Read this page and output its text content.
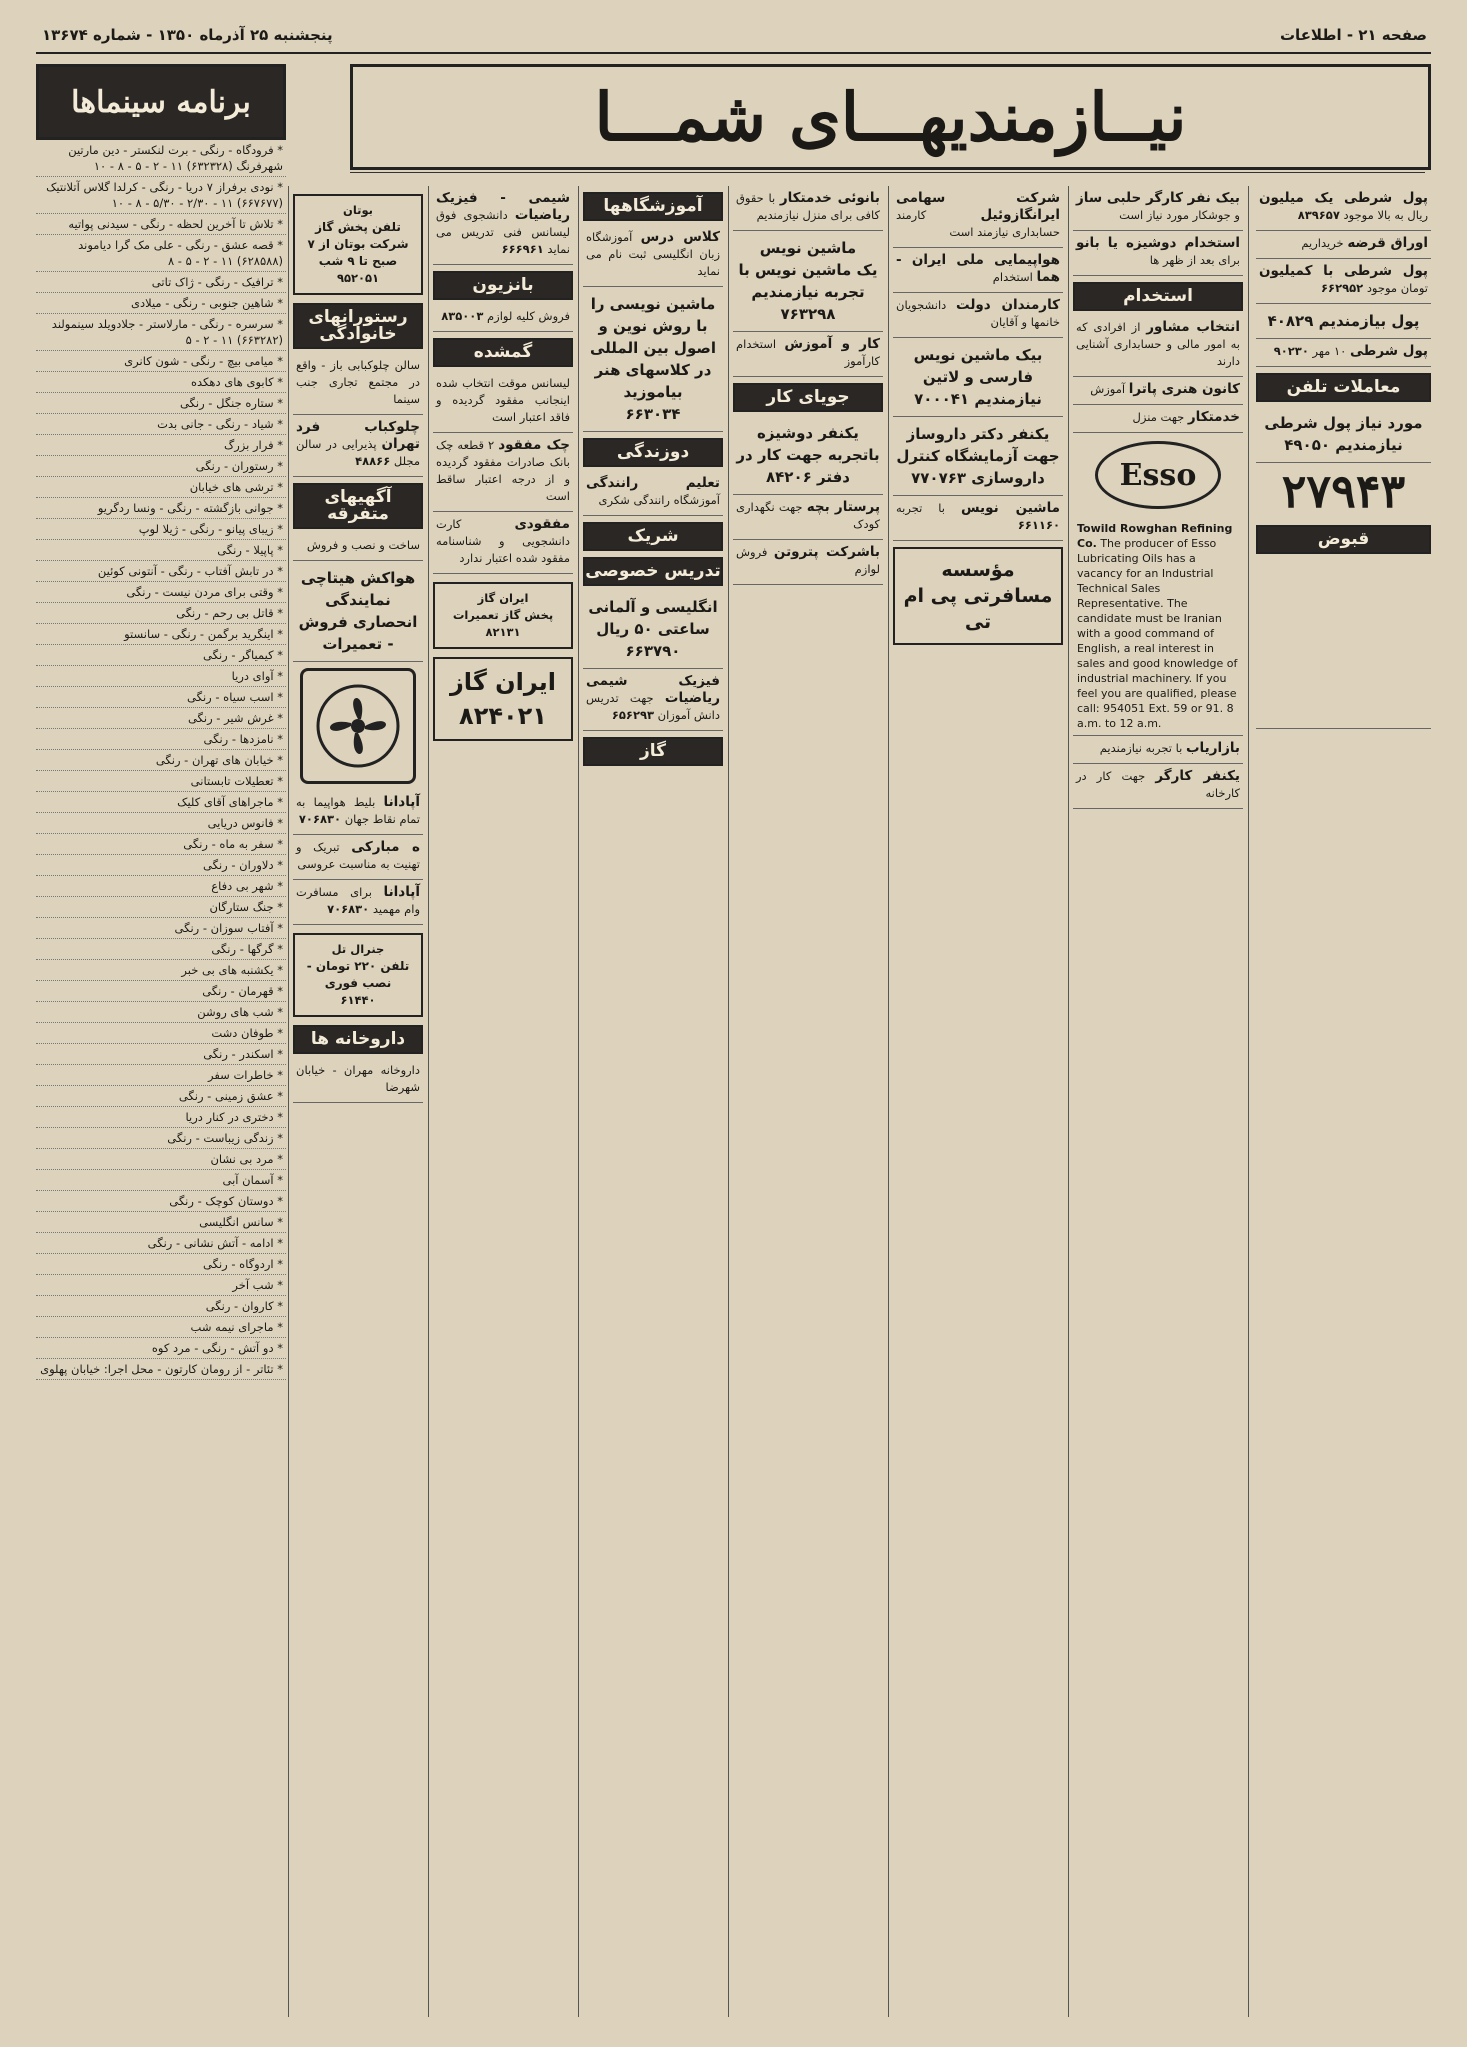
پنجشنبه ۲۵ آذرماه ۱۳۵۰ - شماره ۱۳۶۷۴	صفحه ۲۱ - اطلاعات
نیــازمندیهـــای شمـــا
پول شرطی یک میلیون ریال به بالا موجود ۸۳۹۶۵۷
اوراق قرضه خریداریم
پول شرطی با کمیلیون تومان موجود ۶۶۲۹۵۲
پول بیازمندیم ۴۰۸۲۹
پول شرطی ۱۰ مهر ۹۰۲۳۰
معاملات تلفن
مورد نیاز پول شرطی نیازمندیم ۴۹۰۵۰
۲۷۹۴۳
قبوض
بیک نفر کارگر حلبی ساز و جوشکار مورد نیاز است
استخدام دوشیزه یا بانو برای بعد از ظهر ها
استخدام
انتخاب مشاور از افرادی که به امور مالی و حسابداری آشنایی دارند
کانون هنری پاترا آموزش
خدمتکار جهت منزل
Esso
Towild Rowghan Refining Co. The producer of Esso Lubricating Oils has a vacancy for an Industrial Technical Sales Representative. The candidate must be Iranian with a good command of English, a real interest in sales and good knowledge of industrial machinery. If you feel you are qualified, please call: 954051 Ext. 59 or 91. 8 a.m. to 12 a.m.
بازاریاب با تجربه نیازمندیم
یکنفر کارگر جهت کار در کارخانه
شرکت سهامی ایرانگازوئیل کارمند حسابداری نیازمند است
هواپیمایی ملی ایران - هما استخدام
کارمندان دولت دانشجویان خانمها و آقایان
بیک ماشین نویس
فارسی و لاتین نیازمندیم ۷۰۰۰۴۱
یکنفر دکتر داروساز
جهت آزمایشگاه کنترل داروسازی ۷۷۰۷۶۳
ماشین نویس با تجربه ۶۶۱۱۶۰
مؤسسه مسافرتی پی ام تی
بانوئی خدمتکار با حقوق کافی برای منزل نیازمندیم
ماشین نویس
یک ماشین نویس با تجربه نیازمندیم
۷۶۳۲۹۸
کار و آموزش استخدام کارآموز
جویای کار
یکنفر دوشیزه
باتجربه جهت کار در دفتر ۸۴۲۰۶
پرستار بچه جهت نگهداری کودک
باشرکت پتروتن فروش لوازم
آموزشگاهها
کلاس درس آموزشگاه زبان انگلیسی ثبت نام می نماید
ماشین نویسی را
با روش نوین و اصول بین المللی در کلاسهای هنر بیاموزید
۶۶۳۰۳۴
دوزندگی
تعلیم رانندگی آموزشگاه رانندگی شکری
شریک
تدریس خصوصی
انگلیسی و آلمانی
ساعتی ۵۰ ریال
۶۶۳۷۹۰
فیزیک شیمی ریاضیات جهت تدریس دانش آموزان ۶۵۶۲۹۳
گاز
شیمی - فیزیک ریاضیات دانشجوی فوق لیسانس فنی تدریس می نماید ۶۶۶۹۶۱
بانزیون
فروش کلیه لوازم ۸۳۵۰۰۳
گمشده
لیسانس موقت انتخاب شده اینجانب مفقود گردیده و فاقد اعتبار است
چک مفقود ۲ قطعه چک بانک صادرات مفقود گردیده و از درجه اعتبار ساقط است
مفقودی کارت دانشجویی و شناسنامه مفقود شده اعتبار ندارد
ایران گاز
پخش گاز تعمیرات
۸۲۱۳۱
ایران گاز
۸۲۴۰۲۱
بوتان
تلفن پخش گاز شرکت بوتان از ۷ صبح تا ۹ شب
۹۵۲۰۵۱
رستورانهای خانوادگی
سالن چلوکبابی باز - واقع در مجتمع تجاری جنب سینما
چلوکباب فرد تهران پذیرایی در سالن مجلل ۴۸۸۶۶
آگهیهای متفرقه
ساخت و نصب و فروش
هواکش هیتاچی
نمایندگی انحصاری فروش - تعمیرات
آپادانا بلیط هواپیما به تمام نقاط جهان ۷۰۶۸۳۰
ه مبارکی تبریک و تهنیت به مناسبت عروسی
آپادانا برای مسافرت وام مهمید ۷۰۶۸۳۰
جنرال تل
تلفن ۲۲۰ تومان - نصب فوری
۶۱۴۴۰
داروخانه ها
داروخانه مهران - خیابان شهرضا
برنامه سینماها
* فرودگاه - رنگی - برت لنکستر - دین مارتین شهرفرنگ (۶۳۲۳۲۸) ۱۱ - ۲ - ۵ - ۸ - ۱۰
* نودی برفراز ۷ دریا - رنگی - کرلدا گلاس آتلانتیک (۶۶۷۶۷۷) ۱۱ - ۲/۳۰ - ۵/۳۰ - ۸ - ۱۰
* تلاش تا آخرین لحظه - رنگی - سیدنی پواتیه
* قصه عشق - رنگی - علی مک گرا دیاموند (۶۲۸۵۸۸) ۱۱ - ۲ - ۵ - ۸
* ترافیک - رنگی - ژاک تاتی
* شاهین جنوبی - رنگی - میلادی
* سرسره - رنگی - مارلاستر - جلادویلد سینمولند (۶۶۳۲۸۲) ۱۱ - ۲ - ۵
* میامی بیچ - رنگی - شون کانری
* کابوی های دهکده
* ستاره جنگل - رنگی
* شیاد - رنگی - جانی بدت
* فرار بزرگ
* رستوران - رنگی
* ترشی های خیابان
* جوانی بازگشته - رنگی - ونسا ردگریو
* زیبای پیانو - رنگی - ژیلا لوپ
* پاپیلا - رنگی
* در تابش آفتاب - رنگی - آنتونی کوئین
* وقتی برای مردن نیست - رنگی
* قاتل بی رحم - رنگی
* اینگرید برگمن - رنگی - سانستو
* کیمیاگر - رنگی
* آوای دریا
* اسب سیاه - رنگی
* غرش شیر - رنگی
* نامزدها - رنگی
* خیابان های تهران - رنگی
* تعطیلات تابستانی
* ماجراهای آقای کلیک
* فانوس دریایی
* سفر به ماه - رنگی
* دلاوران - رنگی
* شهر بی دفاع
* جنگ ستارگان
* آفتاب سوزان - رنگی
* گرگها - رنگی
* یکشنبه های بی خبر
* قهرمان - رنگی
* شب های روشن
* طوفان دشت
* اسکندر - رنگی
* خاطرات سفر
* عشق زمینی - رنگی
* دختری در کنار دریا
* زندگی زیباست - رنگی
* مرد بی نشان
* آسمان آبی
* دوستان کوچک - رنگی
* سانس انگلیسی
* ادامه - آتش نشانی - رنگی
* اردوگاه - رنگی
* شب آخر
* کاروان - رنگی
* ماجرای نیمه شب
* دو آتش - رنگی - مرد کوه
* تئاتر - از رومان کارتون - محل اجرا: خیابان پهلوی
